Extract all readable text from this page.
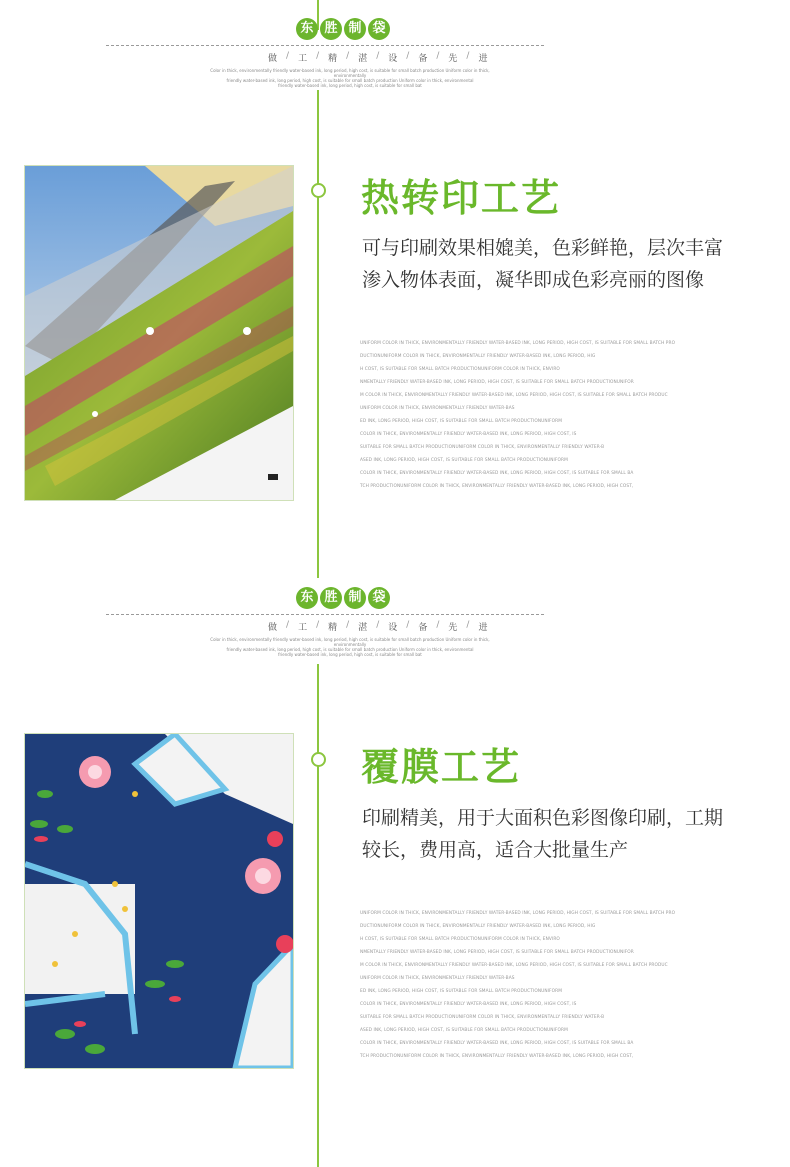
东 胜 制 袋
做 / 工 / 精 / 湛 / 设 / 备 / 先 / 进
Color in thick, environmentally friendly water-based ink, long period, high cost, is suitable for small batch production Uniform color in thick, environmentally
friendly water-based ink, long period, high cost, is suitable for small batch production Uniform color in thick, environmental
friendly water-based ink, long period, high cost, is suitable for small bat
热转印工艺
可与印刷效果相媲美，色彩鲜艳，层次丰富
渗入物体表面，凝华即成色彩亮丽的图像
UNIFORM COLOR IN THICK, ENVIRONMENTALLY FRIENDLY WATER-BASED INK, LONG PERIOD, HIGH COST, IS SUITABLE FOR SMALL BATCH PRO
DUCTIONUNIFORM COLOR IN THICK, ENVIRONMENTALLY FRIENDLY WATER-BASED INK, LONG PERIOD, HIG
H COST, IS SUITABLE FOR SMALL BATCH PRODUCTIONUNIFORM COLOR IN THICK, ENVIRO
NMENTALLY FRIENDLY WATER-BASED INK, LONG PERIOD, HIGH COST, IS SUITABLE FOR SMALL BATCH PRODUCTIONUNIFOR
M COLOR IN THICK, ENVIRONMENTALLY FRIENDLY WATER-BASED INK, LONG PERIOD, HIGH COST, IS SUITABLE FOR SMALL BATCH PRODUC
UNIFORM COLOR IN THICK, ENVIRONMENTALLY FRIENDLY WATER-BAS
ED INK, LONG PERIOD, HIGH COST, IS SUITABLE FOR SMALL BATCH PRODUCTIONUNIFORM
COLOR IN THICK, ENVIRONMENTALLY FRIENDLY WATER-BASED INK, LONG PERIOD, HIGH COST, IS
SUITABLE FOR SMALL BATCH PRODUCTIONUNIFORM COLOR IN THICK, ENVIRONMENTALLY FRIENDLY WATER-B
ASED INK, LONG PERIOD, HIGH COST, IS SUITABLE FOR SMALL BATCH PRODUCTIONUNIFORM
COLOR IN THICK, ENVIRONMENTALLY FRIENDLY WATER-BASED INK, LONG PERIOD, HIGH COST, IS SUITABLE FOR SMALL BA
TCH PRODUCTIONUNIFORM COLOR IN THICK, ENVIRONMENTALLY FRIENDLY WATER-BASED INK, LONG PERIOD, HIGH COST,
东 胜 制 袋
做 / 工 / 精 / 湛 / 设 / 备 / 先 / 进
Color in thick, environmentally friendly water-based ink, long period, high cost, is suitable for small batch production Uniform color in thick, environmentally
friendly water-based ink, long period, high cost, is suitable for small batch production Uniform color in thick, environmental
friendly water-based ink, long period, high cost, is suitable for small bat
覆膜工艺
印刷精美，用于大面积色彩图像印刷，工期
较长，费用高，适合大批量生产
UNIFORM COLOR IN THICK, ENVIRONMENTALLY FRIENDLY WATER-BASED INK, LONG PERIOD, HIGH COST, IS SUITABLE FOR SMALL BATCH PRO
DUCTIONUNIFORM COLOR IN THICK, ENVIRONMENTALLY FRIENDLY WATER-BASED INK, LONG PERIOD, HIG
H COST, IS SUITABLE FOR SMALL BATCH PRODUCTIONUNIFORM COLOR IN THICK, ENVIRO
NMENTALLY FRIENDLY WATER-BASED INK, LONG PERIOD, HIGH COST, IS SUITABLE FOR SMALL BATCH PRODUCTIONUNIFOR
M COLOR IN THICK, ENVIRONMENTALLY FRIENDLY WATER-BASED INK, LONG PERIOD, HIGH COST, IS SUITABLE FOR SMALL BATCH PRODUC
UNIFORM COLOR IN THICK, ENVIRONMENTALLY FRIENDLY WATER-BAS
ED INK, LONG PERIOD, HIGH COST, IS SUITABLE FOR SMALL BATCH PRODUCTIONUNIFORM
COLOR IN THICK, ENVIRONMENTALLY FRIENDLY WATER-BASED INK, LONG PERIOD, HIGH COST, IS
SUITABLE FOR SMALL BATCH PRODUCTIONUNIFORM COLOR IN THICK, ENVIRONMENTALLY FRIENDLY WATER-B
ASED INK, LONG PERIOD, HIGH COST, IS SUITABLE FOR SMALL BATCH PRODUCTIONUNIFORM
COLOR IN THICK, ENVIRONMENTALLY FRIENDLY WATER-BASED INK, LONG PERIOD, HIGH COST, IS SUITABLE FOR SMALL BA
TCH PRODUCTIONUNIFORM COLOR IN THICK, ENVIRONMENTALLY FRIENDLY WATER-BASED INK, LONG PERIOD, HIGH COST,
